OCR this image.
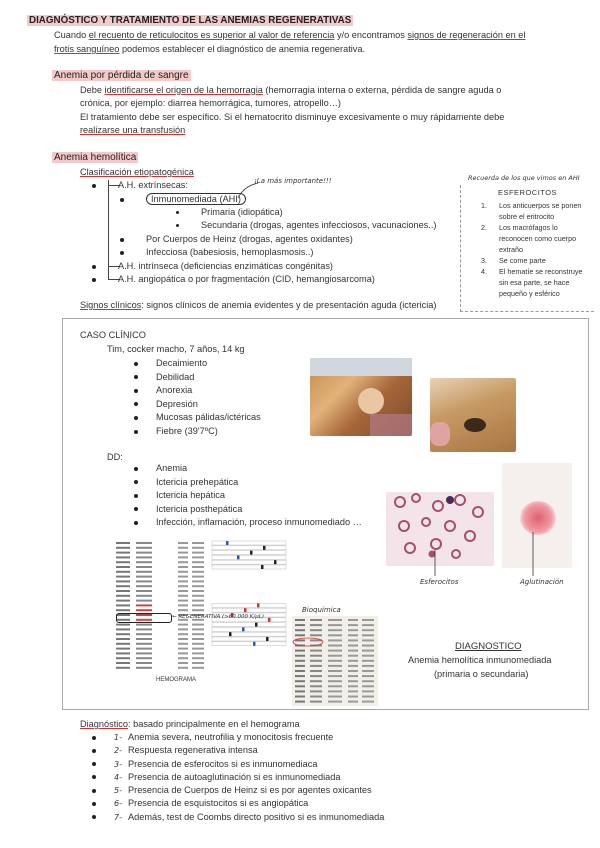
DIAGNÓSTICO Y TRATAMIENTO DE LAS ANEMIAS REGENERATIVAS
Cuando el recuento de reticulocitos es superior al valor de referencia y/o encontramos signos de regeneración en el
frotis sanguíneo podemos establecer el diagnóstico de anemia regenerativa.
Anemia por pérdida de sangre
Debe identificarse el origen de la hemorragia (hemorragia interna o externa, pérdida de sangre aguda o
crónica, por ejemplo: diarrea hemorrágica, tumores, atropello…)
El tratamiento debe ser específico. Si el hematocrito disminuye excesivamente o muy rápidamente debe
realizarse una transfusión
Anemia hemolítica
Clasificación etiopatogénica
A.H. extrínsecas:
Inmunomediada (AHI)
¡La más importante!!!
Primaria (idiopática)
Secundaria (drogas, agentes infecciosos, vacunaciones..)
Por Cuerpos de Heinz (drogas, agentes oxidantes)
Infecciosa (babesiosis, hemoplasmosis..)
A.H. intrínseca (deficiencias enzimáticas congénitas)
A.H. angiopática o por fragmentación (CID, hemangiosarcoma)
Signos clínicos: signos clínicos de anemia evidentes y de presentación aguda (ictericia)
Recuerda de los que vimos en AHI
ESFEROCITOS
1.	Los anticuerpos se ponen
sobre el eritrocito
2.	Los macrófagos lo
reconocen como cuerpo
extraño
3.	Se come parte
4.	El hematíe se reconstruye
sin esa parte, se hace
pequeño y esférico
CASO CLÍNICO
Tim, cocker macho, 7 años, 14 kg
Decaimiento
Debilidad
Anorexia
Depresión
Mucosas pálidas/ictéricas
Fiebre (39'7ºC)
DD:
Anemia
Ictericia prehepática
Ictericia hepática
Ictericia posthepática
Infección, inflamación, proceso inmunomediado …
Esferocitos	Aglutinación
← REGENERATIVA (>60.000 K/µL)
HEMOGRAMA
Bioquímica
DIAGNOSTICO
Anemia hemolítica inmunomediada
(primaria o secundaria)
Diagnóstico: basado principalmente en el hemograma
1- Anemia severa, neutrofilia y monocitosis frecuente
2- Respuesta regenerativa intensa
3- Presencia de esferocitos si es inmunomediaca
4- Presencia de autoaglutinación si es inmunomediada
5- Presencia de Cuerpos de Heinz si es por agentes oxicantes
6- Presencia de esquistocitos si es angiopática
7- Además, test de Coombs directo positivo si es inmunomediada
